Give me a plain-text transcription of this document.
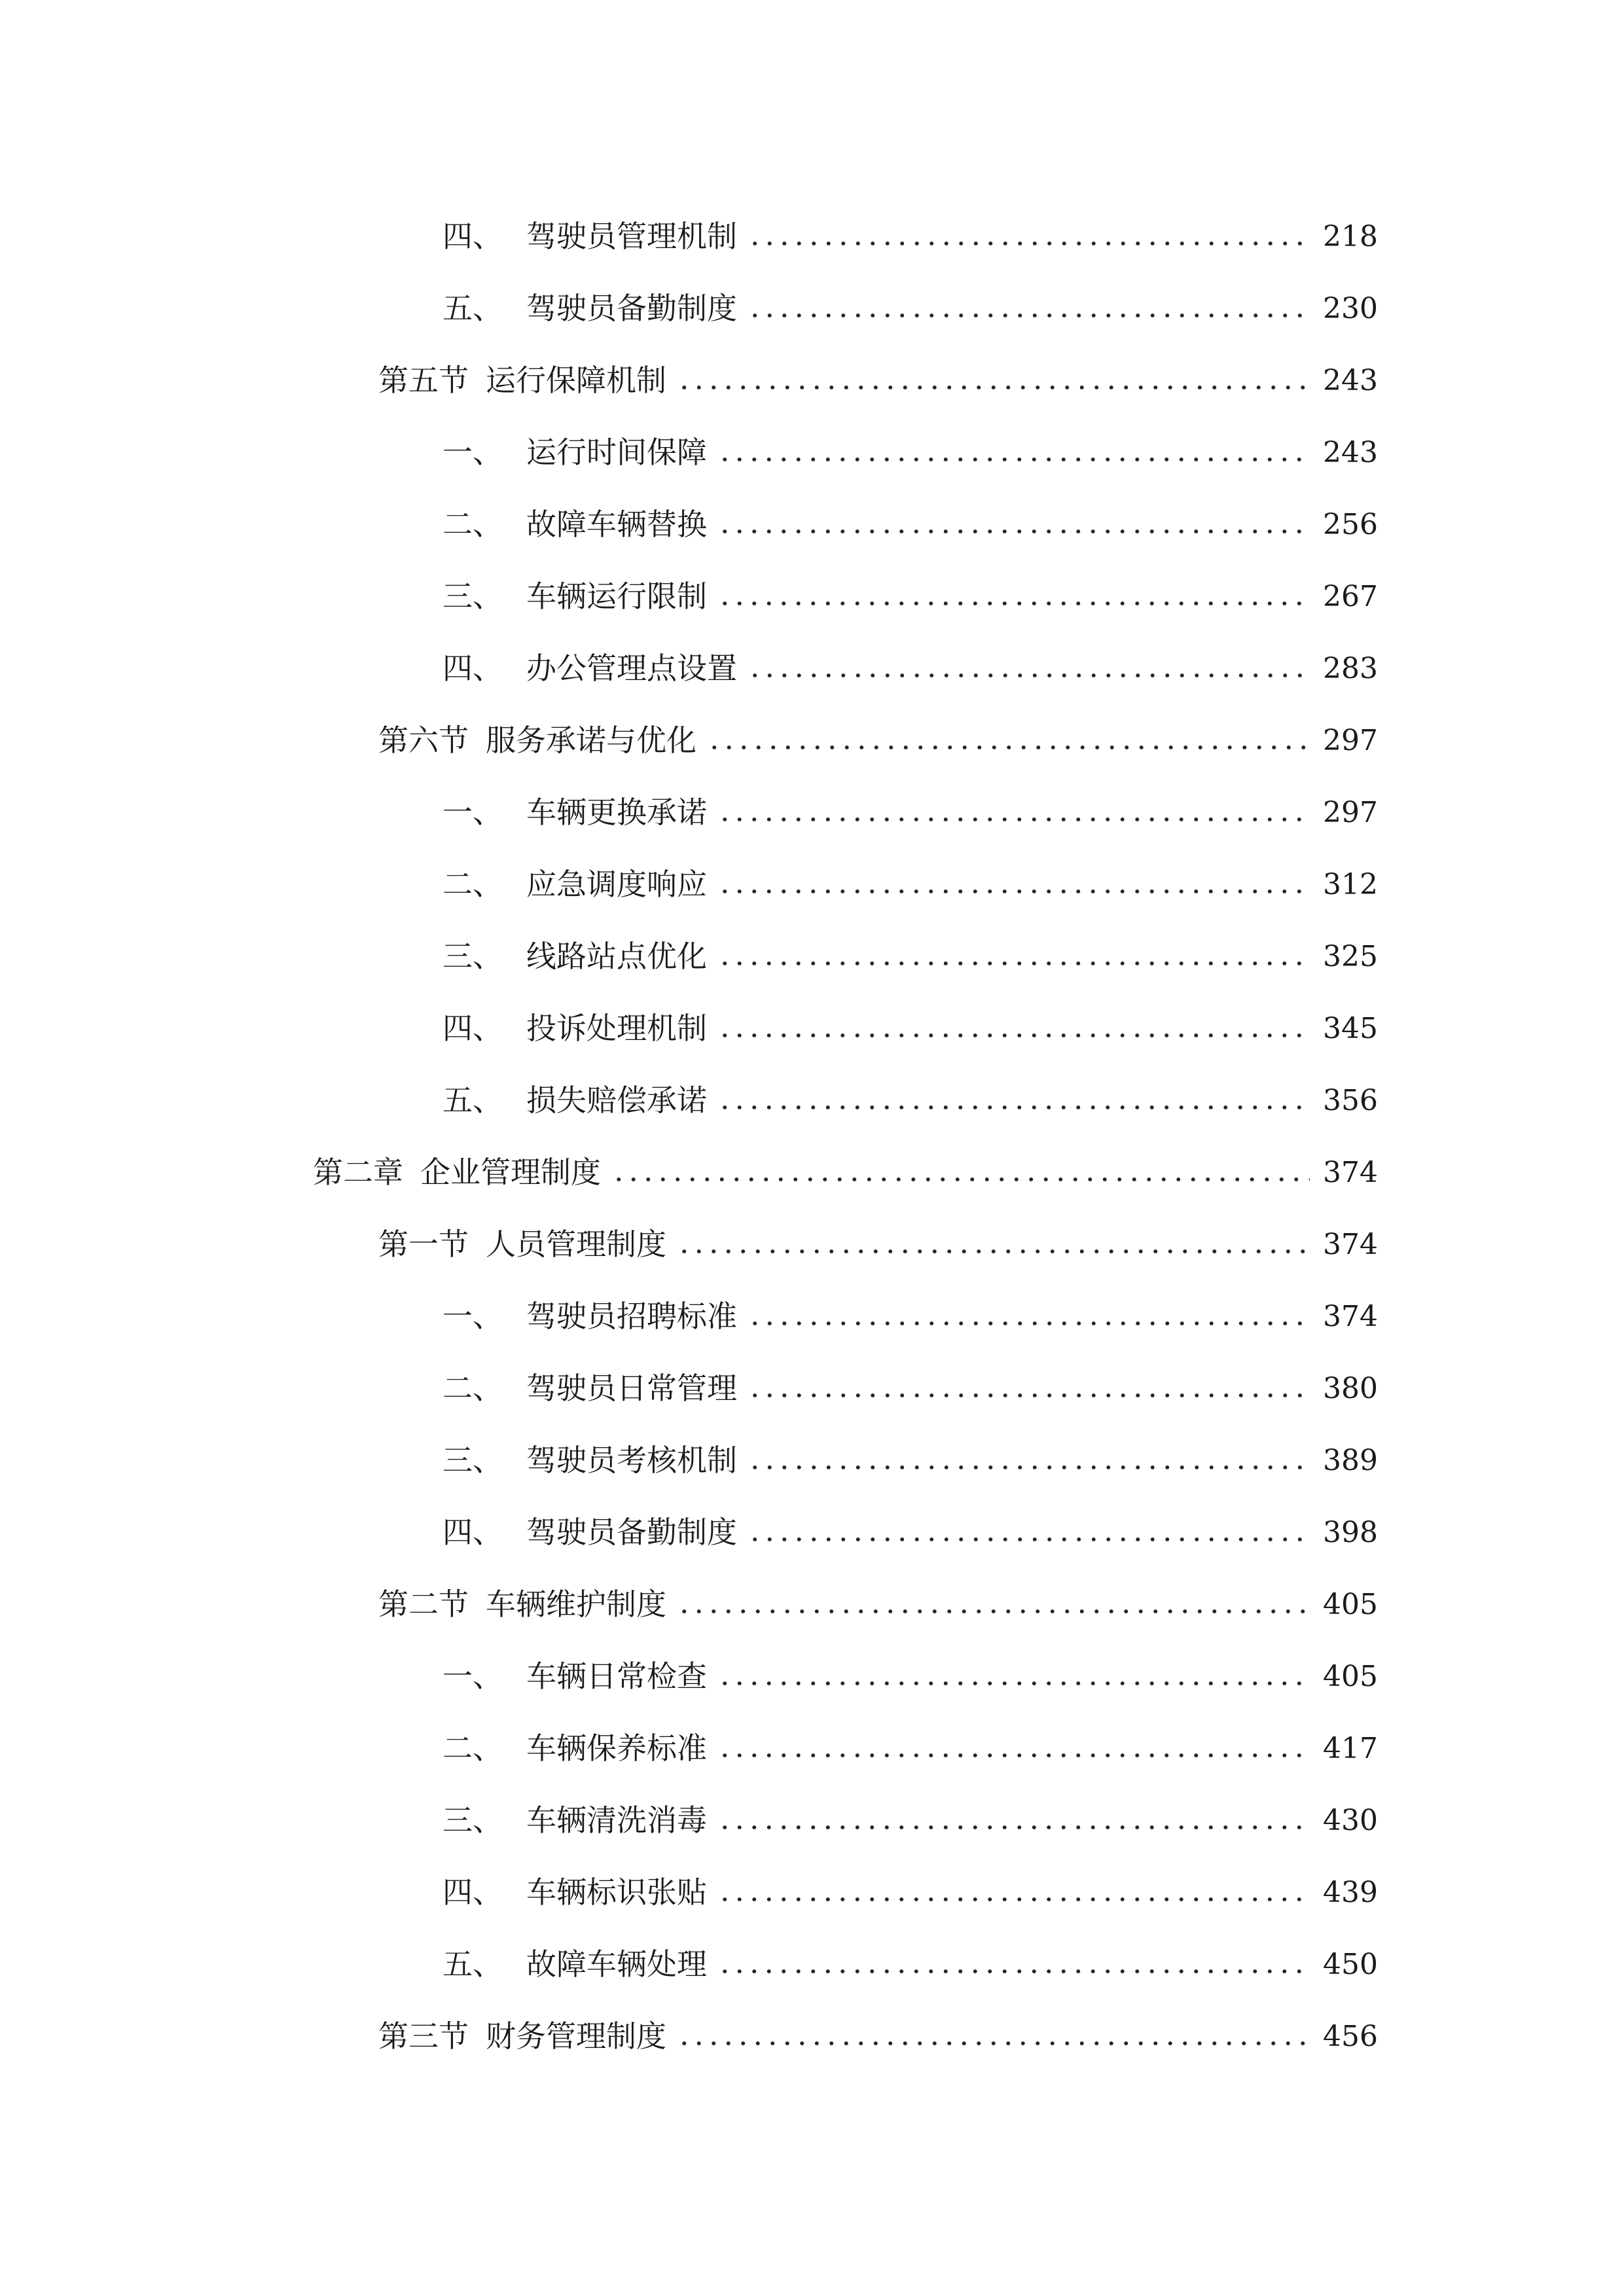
四、 驾驶员管理机制	218
五、 驾驶员备勤制度	230
第五节 运行保障机制	243
一、 运行时间保障	243
二、 故障车辆替换	256
三、 车辆运行限制	267
四、 办公管理点设置	283
第六节 服务承诺与优化	297
一、 车辆更换承诺	297
二、 应急调度响应	312
三、 线路站点优化	325
四、 投诉处理机制	345
五、 损失赔偿承诺	356
第二章 企业管理制度	374
第一节 人员管理制度	374
一、 驾驶员招聘标准	374
二、 驾驶员日常管理	380
三、 驾驶员考核机制	389
四、 驾驶员备勤制度	398
第二节 车辆维护制度	405
一、 车辆日常检查	405
二、 车辆保养标准	417
三、 车辆清洗消毒	430
四、 车辆标识张贴	439
五、 故障车辆处理	450
第三节 财务管理制度	456
